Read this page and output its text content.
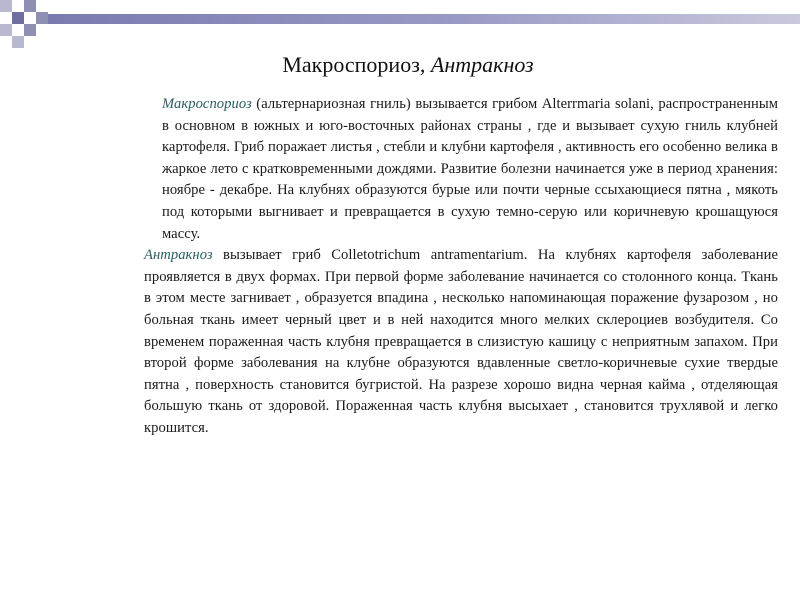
Макроспориоз, Антракноз

Макроспориоз (альтернариозная гниль) вызывается грибом Alterrmaria solani, распространенным в основном в южных и юго-восточных районах страны , где и вызывает сухую гниль клубней картофеля. Гриб поражает листья , стебли и клубни картофеля , активность его особенно велика в жаркое лето с кратковременными дождями. Развитие болезни начинается уже в период хранения: ноябре - декабре. На клубнях образуются бурые или почти черные ссыхающиеся пятна , мякоть под которыми выгнивает и превращается в сухую темно-серую или коричневую крошащуюся массу.

Антракноз вызывает гриб Colletotrichum antramentarium. На клубнях картофеля заболевание проявляется в двух формах. При первой форме заболевание начинается со столонного конца. Ткань в этом месте загнивает , образуется впадина , несколько напоминающая поражение фузарозом , но больная ткань имеет черный цвет и в ней находится много мелких склероциев возбудителя. Со временем пораженная часть клубня превращается в слизистую кашицу с неприятным запахом. При второй форме заболевания на клубне образуются вдавленные светло-коричневые сухие твердые пятна , поверхность становится бугристой. На разрезе хорошо видна черная кайма , отделяющая большую ткань от здоровой. Пораженная часть клубня высыхает , становится трухлявой и легко крошится.
